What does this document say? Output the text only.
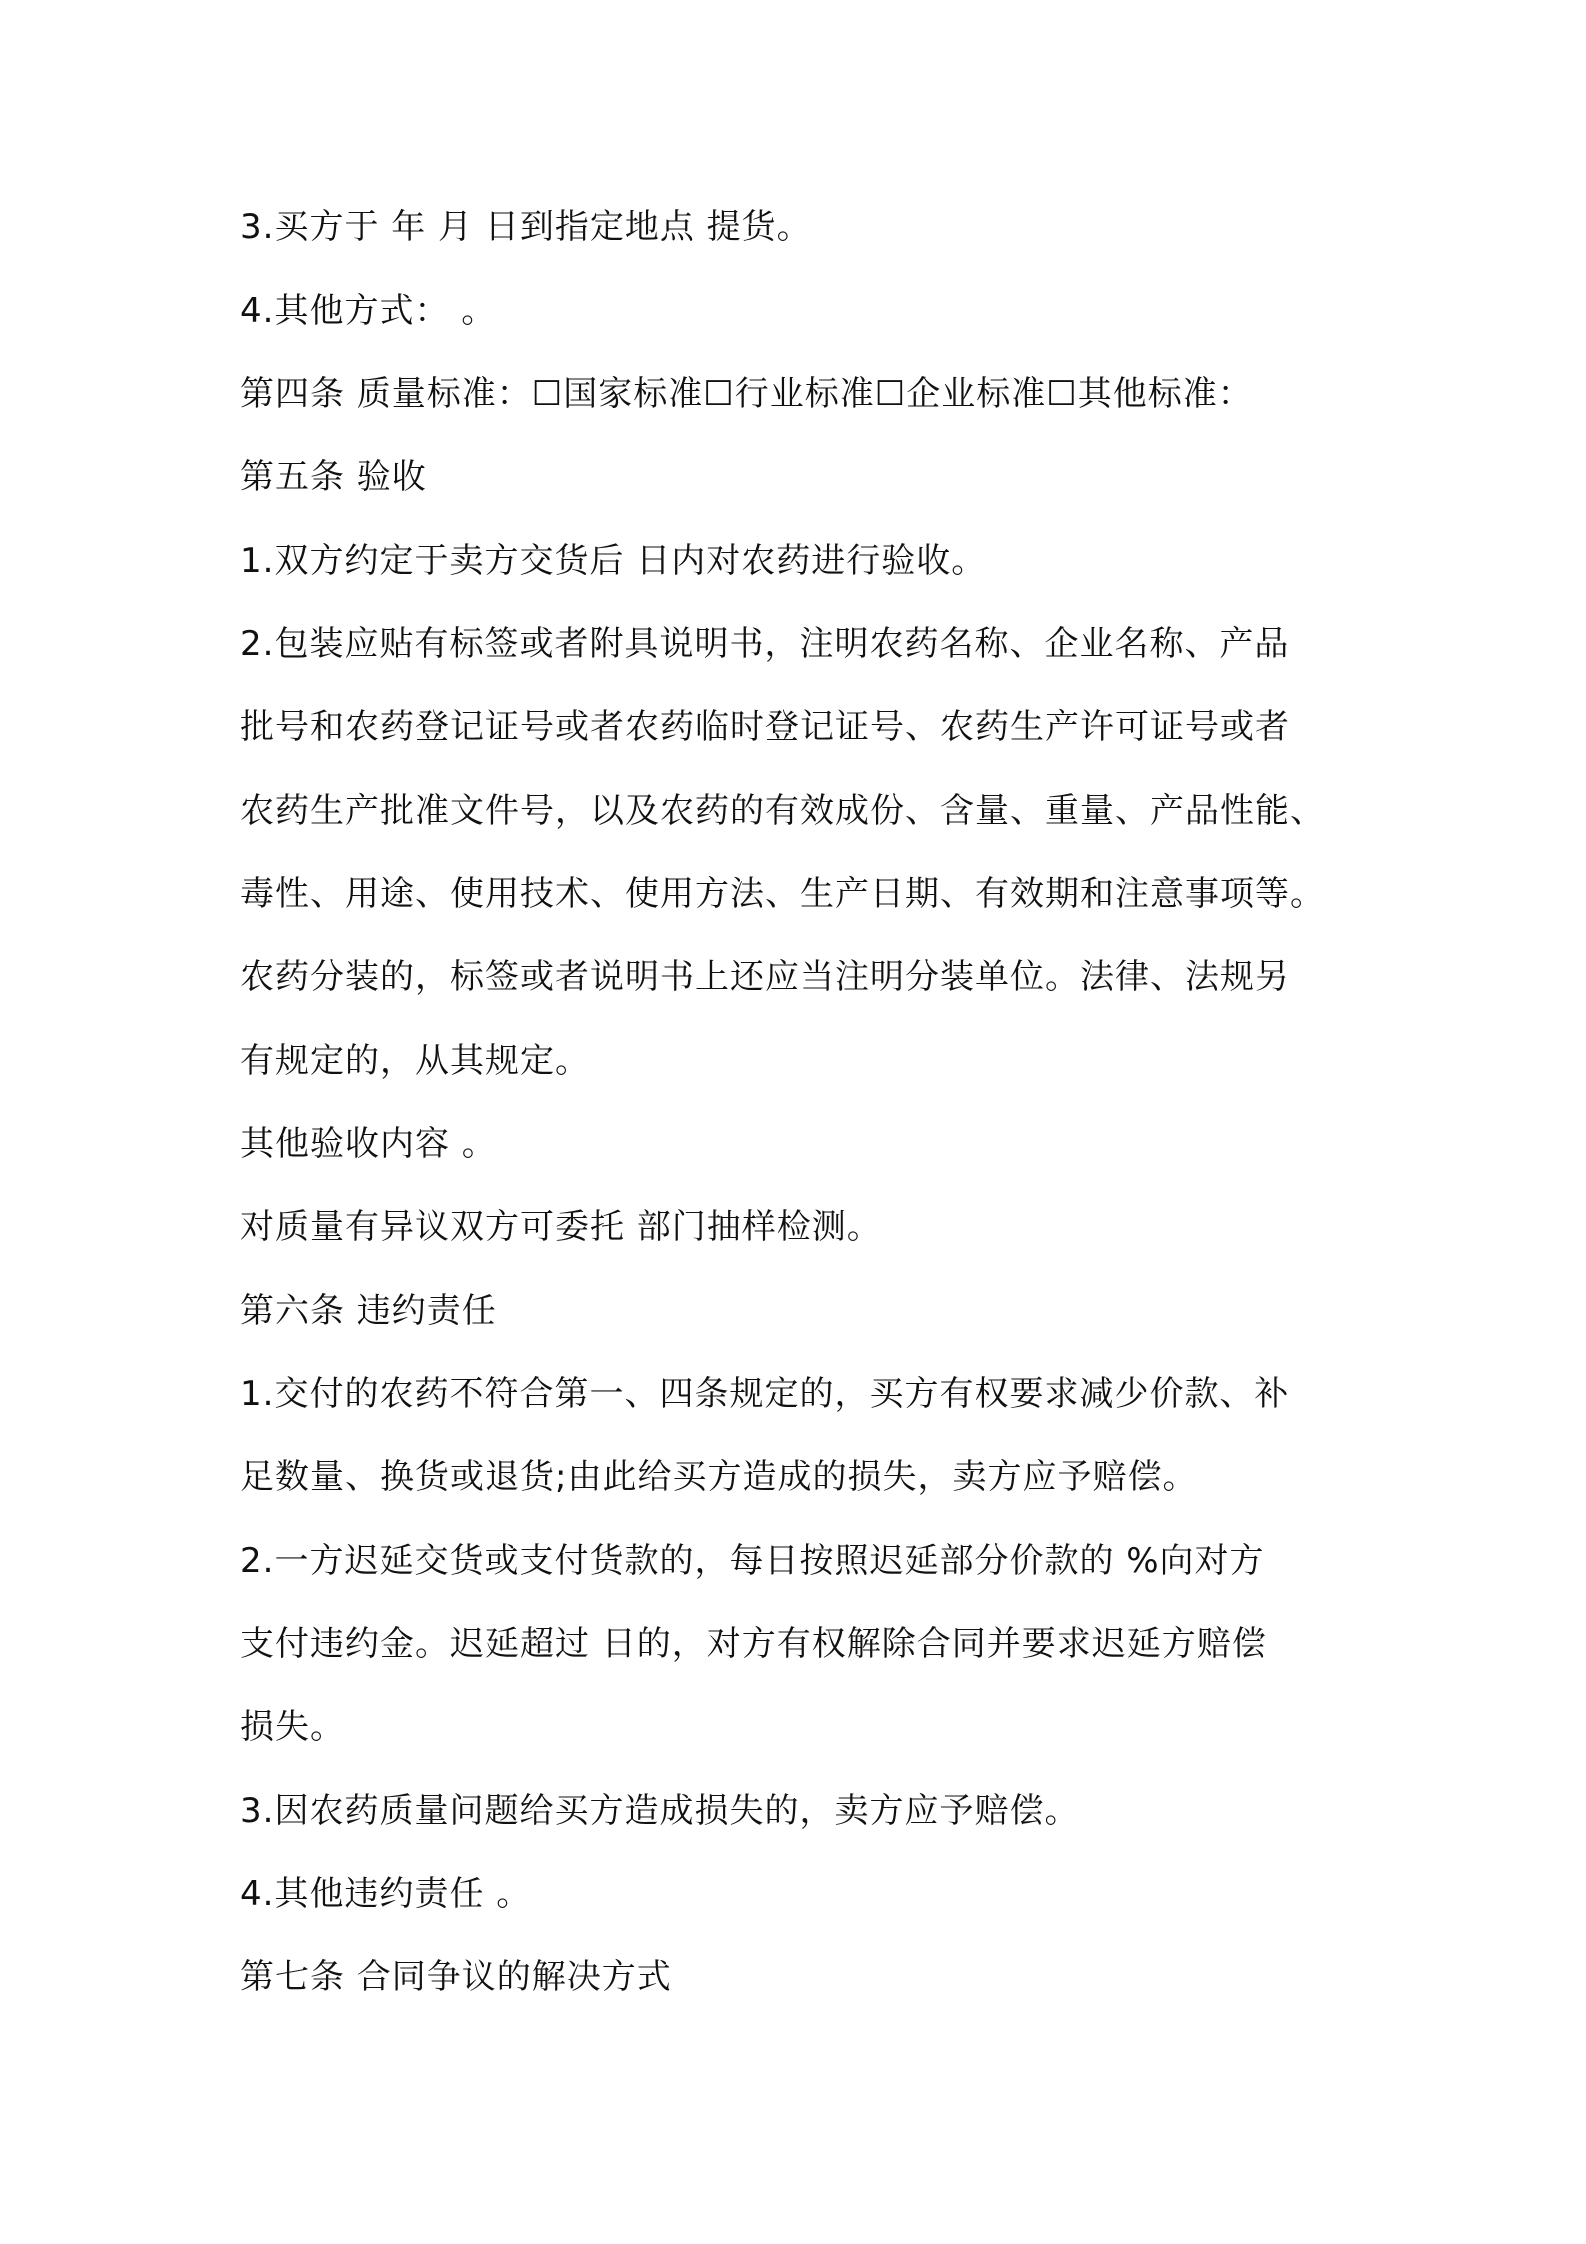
3.买方于 年 月 日到指定地点 提货。

4.其他方式： 。

第四条 质量标准：☐国家标准☐行业标准☐企业标准☐其他标准：

第五条 验收

1.双方约定于卖方交货后 日内对农药进行验收。

2.包装应贴有标签或者附具说明书，注明农药名称、企业名称、产品

批号和农药登记证号或者农药临时登记证号、农药生产许可证号或者

农药生产批准文件号，以及农药的有效成份、含量、重量、产品性能、

毒性、用途、使用技术、使用方法、生产日期、有效期和注意事项等。

农药分装的，标签或者说明书上还应当注明分装单位。法律、法规另

有规定的，从其规定。

其他验收内容 。

对质量有异议双方可委托 部门抽样检测。

第六条 违约责任

1.交付的农药不符合第一、四条规定的，买方有权要求减少价款、补

足数量、换货或退货;由此给买方造成的损失，卖方应予赔偿。

2.一方迟延交货或支付货款的，每日按照迟延部分价款的 %向对方

支付违约金。迟延超过 日的，对方有权解除合同并要求迟延方赔偿

损失。

3.因农药质量问题给买方造成损失的，卖方应予赔偿。

4.其他违约责任 。

第七条 合同争议的解决方式
